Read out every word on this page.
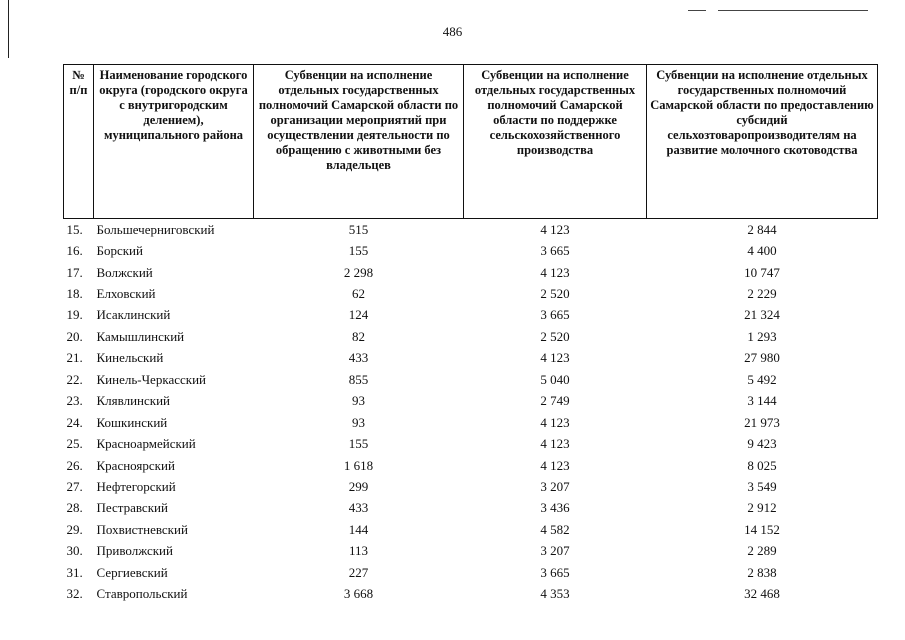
486
№ п/п	Наименование городского округа (городского округа с внутригородским делением), муниципального района	Субвенции на исполнение отдельных государственных полномочий Самарской области по организации мероприятий при осуществлении деятельности по обращению с животными без владельцев	Субвенции на исполнение отдельных государственных полномочий Самарской области по поддержке сельскохозяйственного производства	Субвенции на исполнение отдельных государственных полномочий Самарской области по предоставлению субсидий сельхозтоваропроизводителям на развитие молочного скотоводства
15.	Большечерниговский	515	4 123	2 844
16.	Борский	155	3 665	4 400
17.	Волжский	2 298	4 123	10 747
18.	Елховский	62	2 520	2 229
19.	Исаклинский	124	3 665	21 324
20.	Камышлинский	82	2 520	1 293
21.	Кинельский	433	4 123	27 980
22.	Кинель-Черкасский	855	5 040	5 492
23.	Клявлинский	93	2 749	3 144
24.	Кошкинский	93	4 123	21 973
25.	Красноармейский	155	4 123	9 423
26.	Красноярский	1 618	4 123	8 025
27.	Нефтегорский	299	3 207	3 549
28.	Пестравский	433	3 436	2 912
29.	Похвистневский	144	4 582	14 152
30.	Приволжский	113	3 207	2 289
31.	Сергиевский	227	3 665	2 838
32.	Ставропольский	3 668	4 353	32 468
